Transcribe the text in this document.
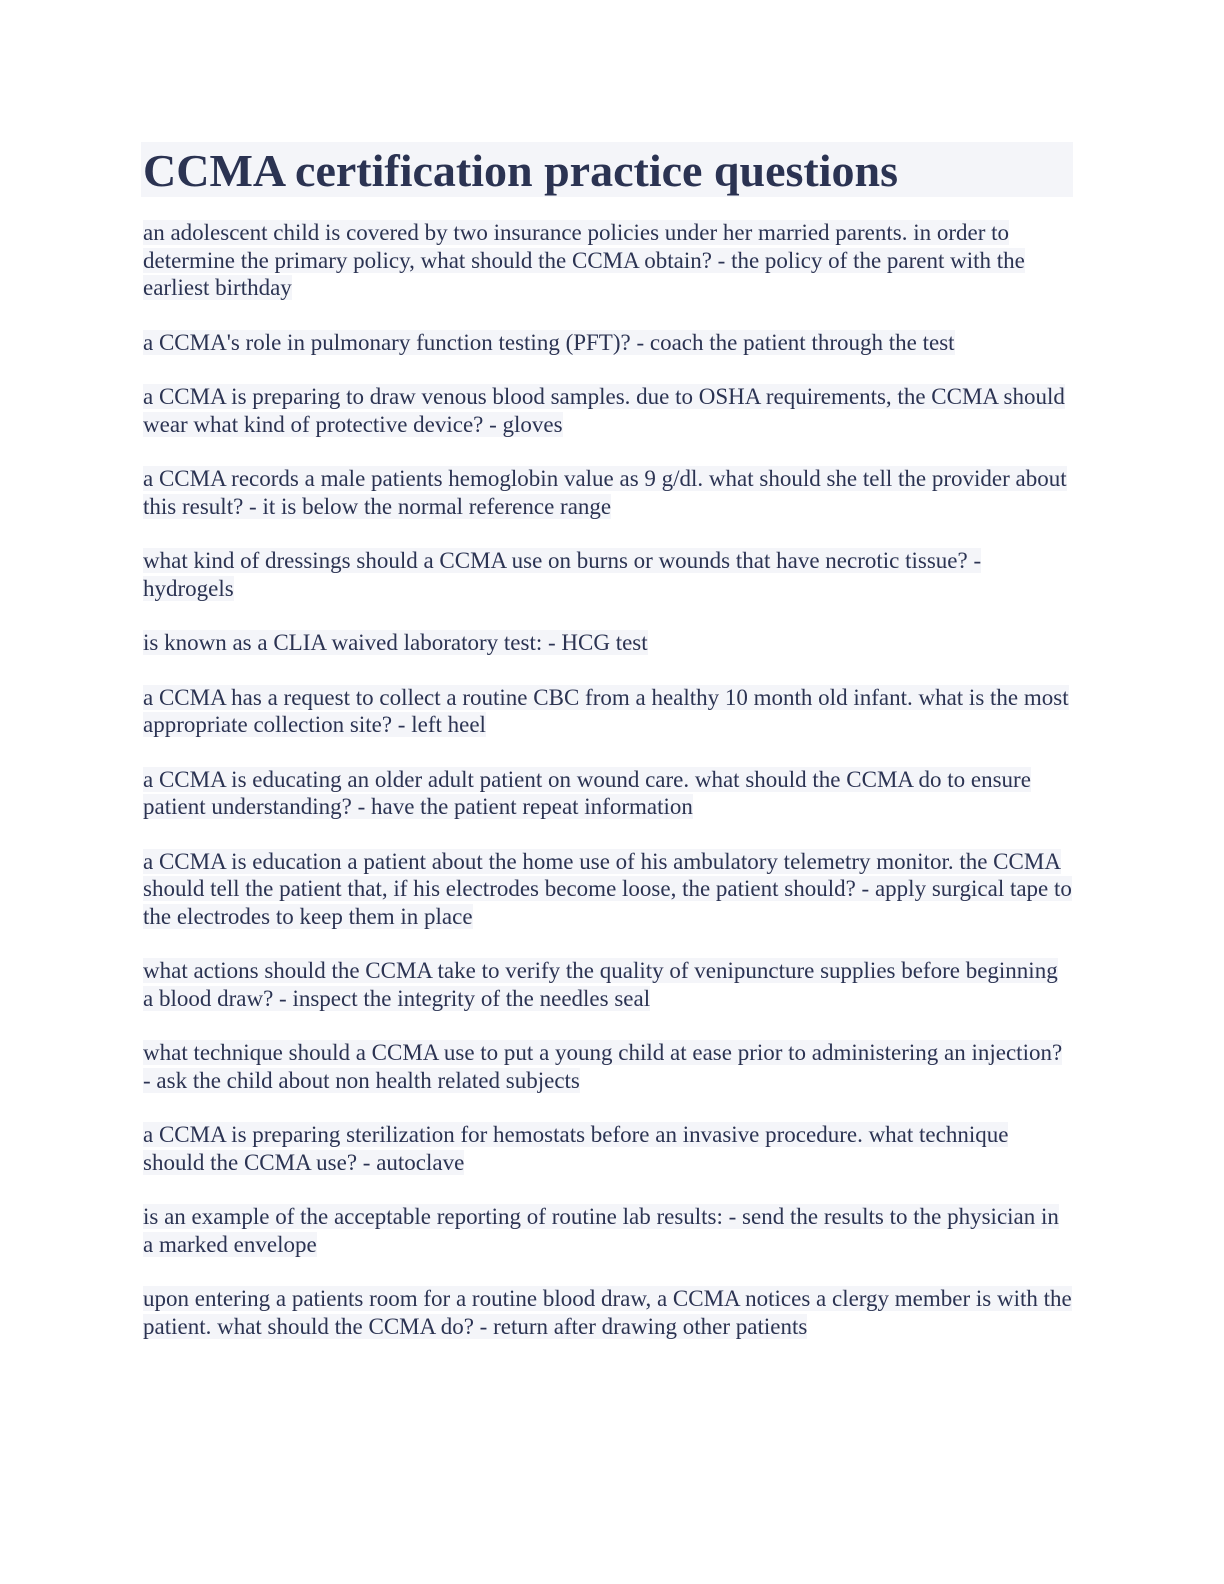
CCMA certification practice questions
an adolescent child is covered by two insurance policies under her married parents. in order to determine the primary policy, what should the CCMA obtain? - the policy of the parent with the earliest birthday
a CCMA's role in pulmonary function testing (PFT)? - coach the patient through the test
a CCMA is preparing to draw venous blood samples. due to OSHA requirements, the CCMA should wear what kind of protective device? - gloves
a CCMA records a male patients hemoglobin value as 9 g/dl. what should she tell the provider about this result? - it is below the normal reference range
what kind of dressings should a CCMA use on burns or wounds that have necrotic tissue? - hydrogels
is known as a CLIA waived laboratory test: - HCG test
a CCMA has a request to collect a routine CBC from a healthy 10 month old infant. what is the most appropriate collection site? - left heel
a CCMA is educating an older adult patient on wound care. what should the CCMA do to ensure patient understanding? - have the patient repeat information
a CCMA is education a patient about the home use of his ambulatory telemetry monitor. the CCMA should tell the patient that, if his electrodes become loose, the patient should? - apply surgical tape to the electrodes to keep them in place
what actions should the CCMA take to verify the quality of venipuncture supplies before beginning a blood draw? - inspect the integrity of the needles seal
what technique should a CCMA use to put a young child at ease prior to administering an injection? - ask the child about non health related subjects
a CCMA is preparing sterilization for hemostats before an invasive procedure. what technique should the CCMA use? - autoclave
is an example of the acceptable reporting of routine lab results: - send the results to the physician in a marked envelope
upon entering a patients room for a routine blood draw, a CCMA notices a clergy member is with the patient. what should the CCMA do? - return after drawing other patients
